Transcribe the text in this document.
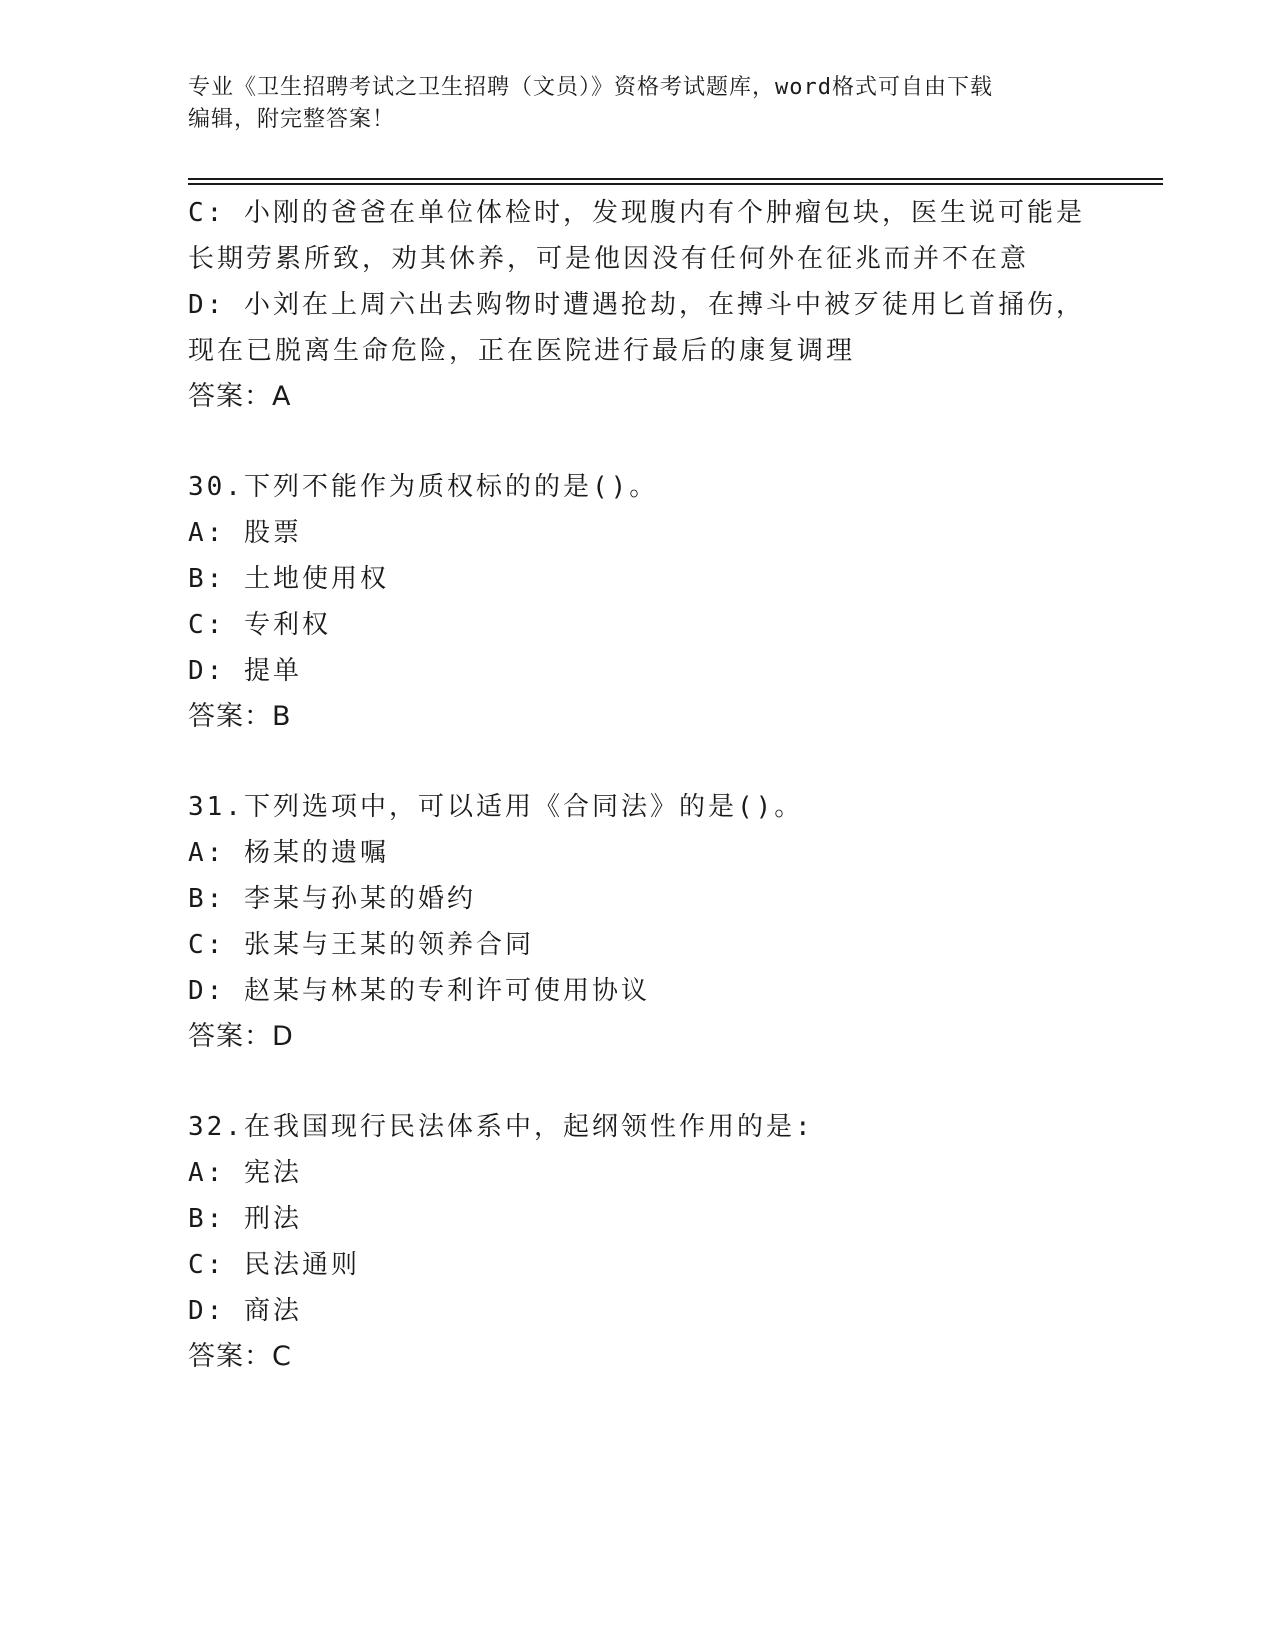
专业《卫生招聘考试之卫生招聘（文员）》资格考试题库，word格式可自由下载
编辑，附完整答案！
C: 小刚的爸爸在单位体检时，发现腹内有个肿瘤包块，医生说可能是
长期劳累所致，劝其休养，可是他因没有任何外在征兆而并不在意
D: 小刘在上周六出去购物时遭遇抢劫，在搏斗中被歹徒用匕首捅伤，
现在已脱离生命危险，正在医院进行最后的康复调理
答案：A
30.下列不能作为质权标的的是()。
A: 股票
B: 土地使用权
C: 专利权
D: 提单
答案：B
31.下列选项中，可以适用《合同法》的是()。
A: 杨某的遗嘱
B: 李某与孙某的婚约
C: 张某与王某的领养合同
D: 赵某与林某的专利许可使用协议
答案：D
32.在我国现行民法体系中，起纲领性作用的是:
A: 宪法
B: 刑法
C: 民法通则
D: 商法
答案：C
